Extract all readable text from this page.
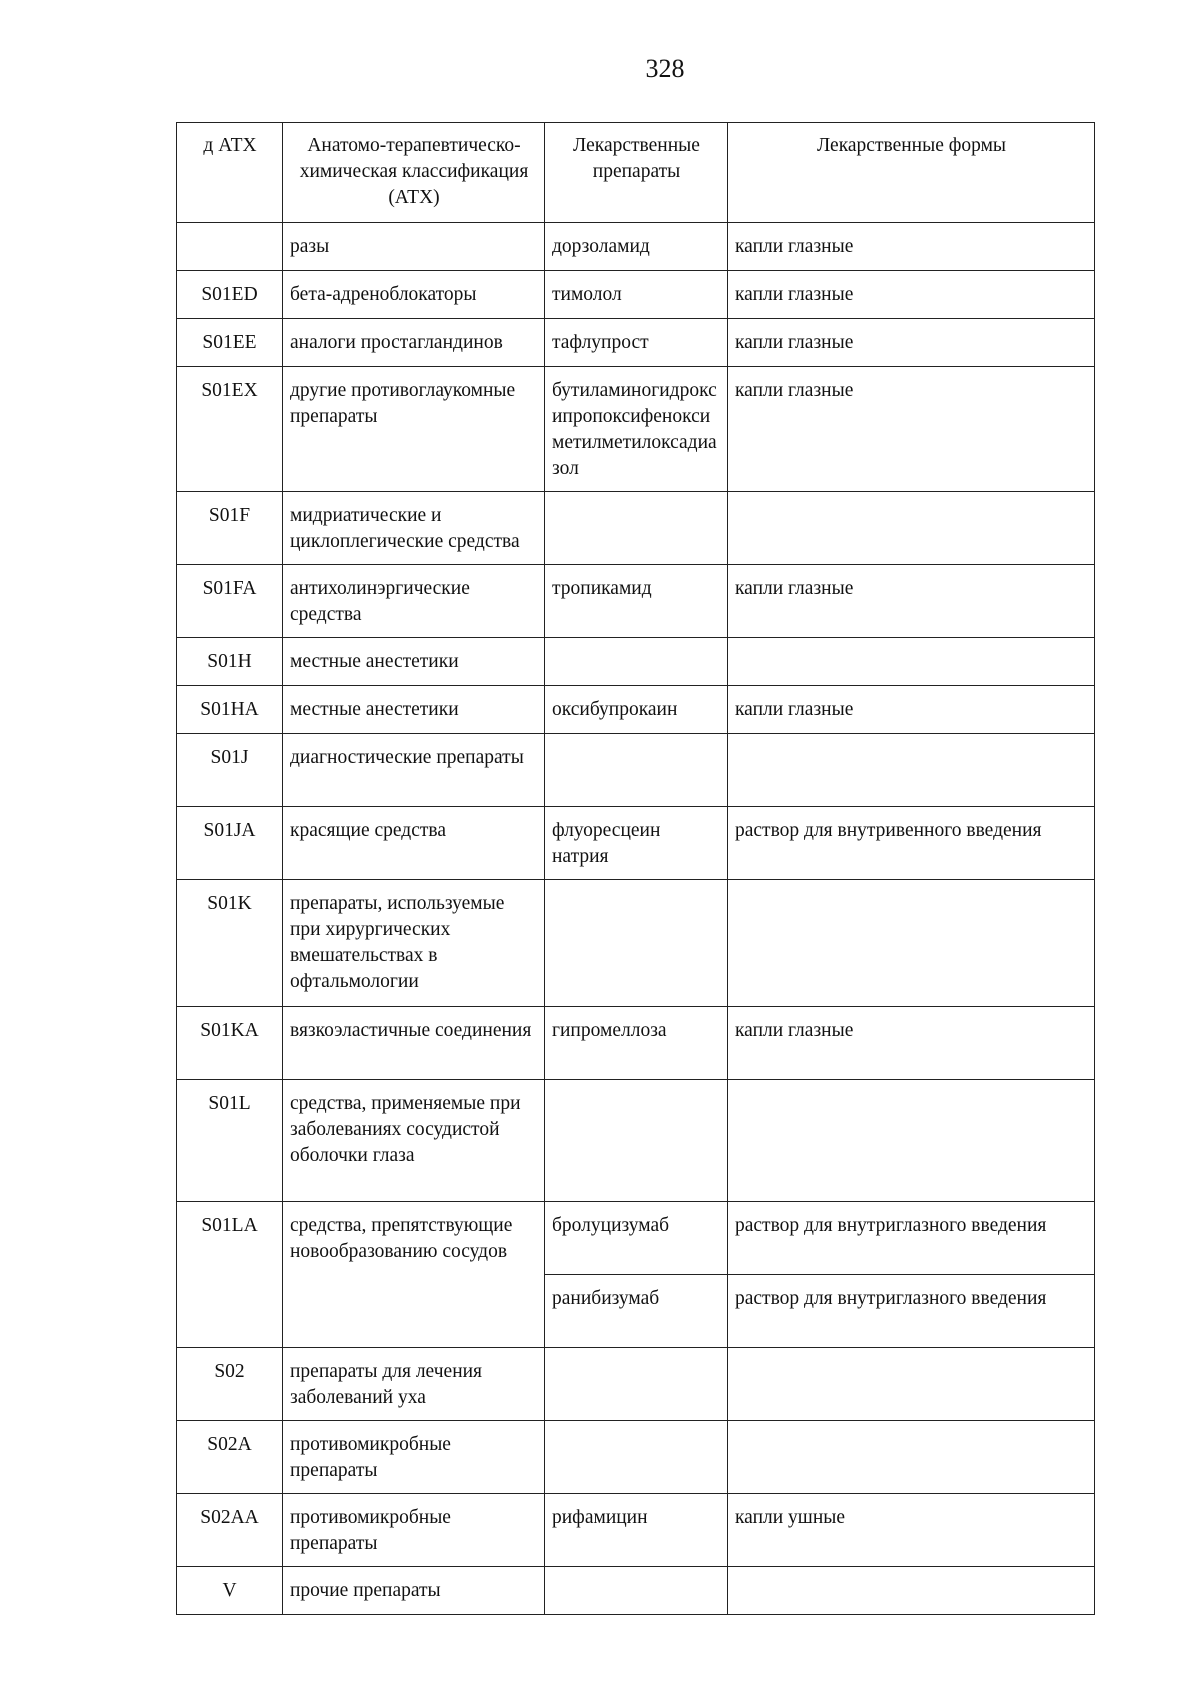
328
д АТХ	Анатомо-терапевтическо-химическая классификация (АТХ)	Лекарственные препараты	Лекарственные формы
	разы	дорзоламид	капли глазные
S01ED	бета-адреноблокаторы	тимолол	капли глазные
S01EE	аналоги простагландинов	тафлупрост	капли глазные
S01EX	другие противоглаукомные препараты	бутиламиногидроксипропоксифеноксиметилметилоксадиазол	капли глазные
S01F	мидриатические и циклоплегические средства		
S01FA	антихолинэргические средства	тропикамид	капли глазные
S01H	местные анестетики		
S01HA	местные анестетики	оксибупрокаин	капли глазные
S01J	диагностические препараты		
S01JA	красящие средства	флуоресцеин натрия	раствор для внутривенного введения
S01K	препараты, используемые при хирургических вмешательствах в офтальмологии		
S01KA	вязкоэластичные соединения	гипромеллоза	капли глазные
S01L	средства, применяемые при заболеваниях сосудистой оболочки глаза		
S01LA	средства, препятствующие новообразованию сосудов	бролуцизумаб	раствор для внутриглазного введения
		ранибизумаб	раствор для внутриглазного введения
S02	препараты для лечения заболеваний уха		
S02A	противомикробные препараты		
S02AA	противомикробные препараты	рифамицин	капли ушные
V	прочие препараты		
